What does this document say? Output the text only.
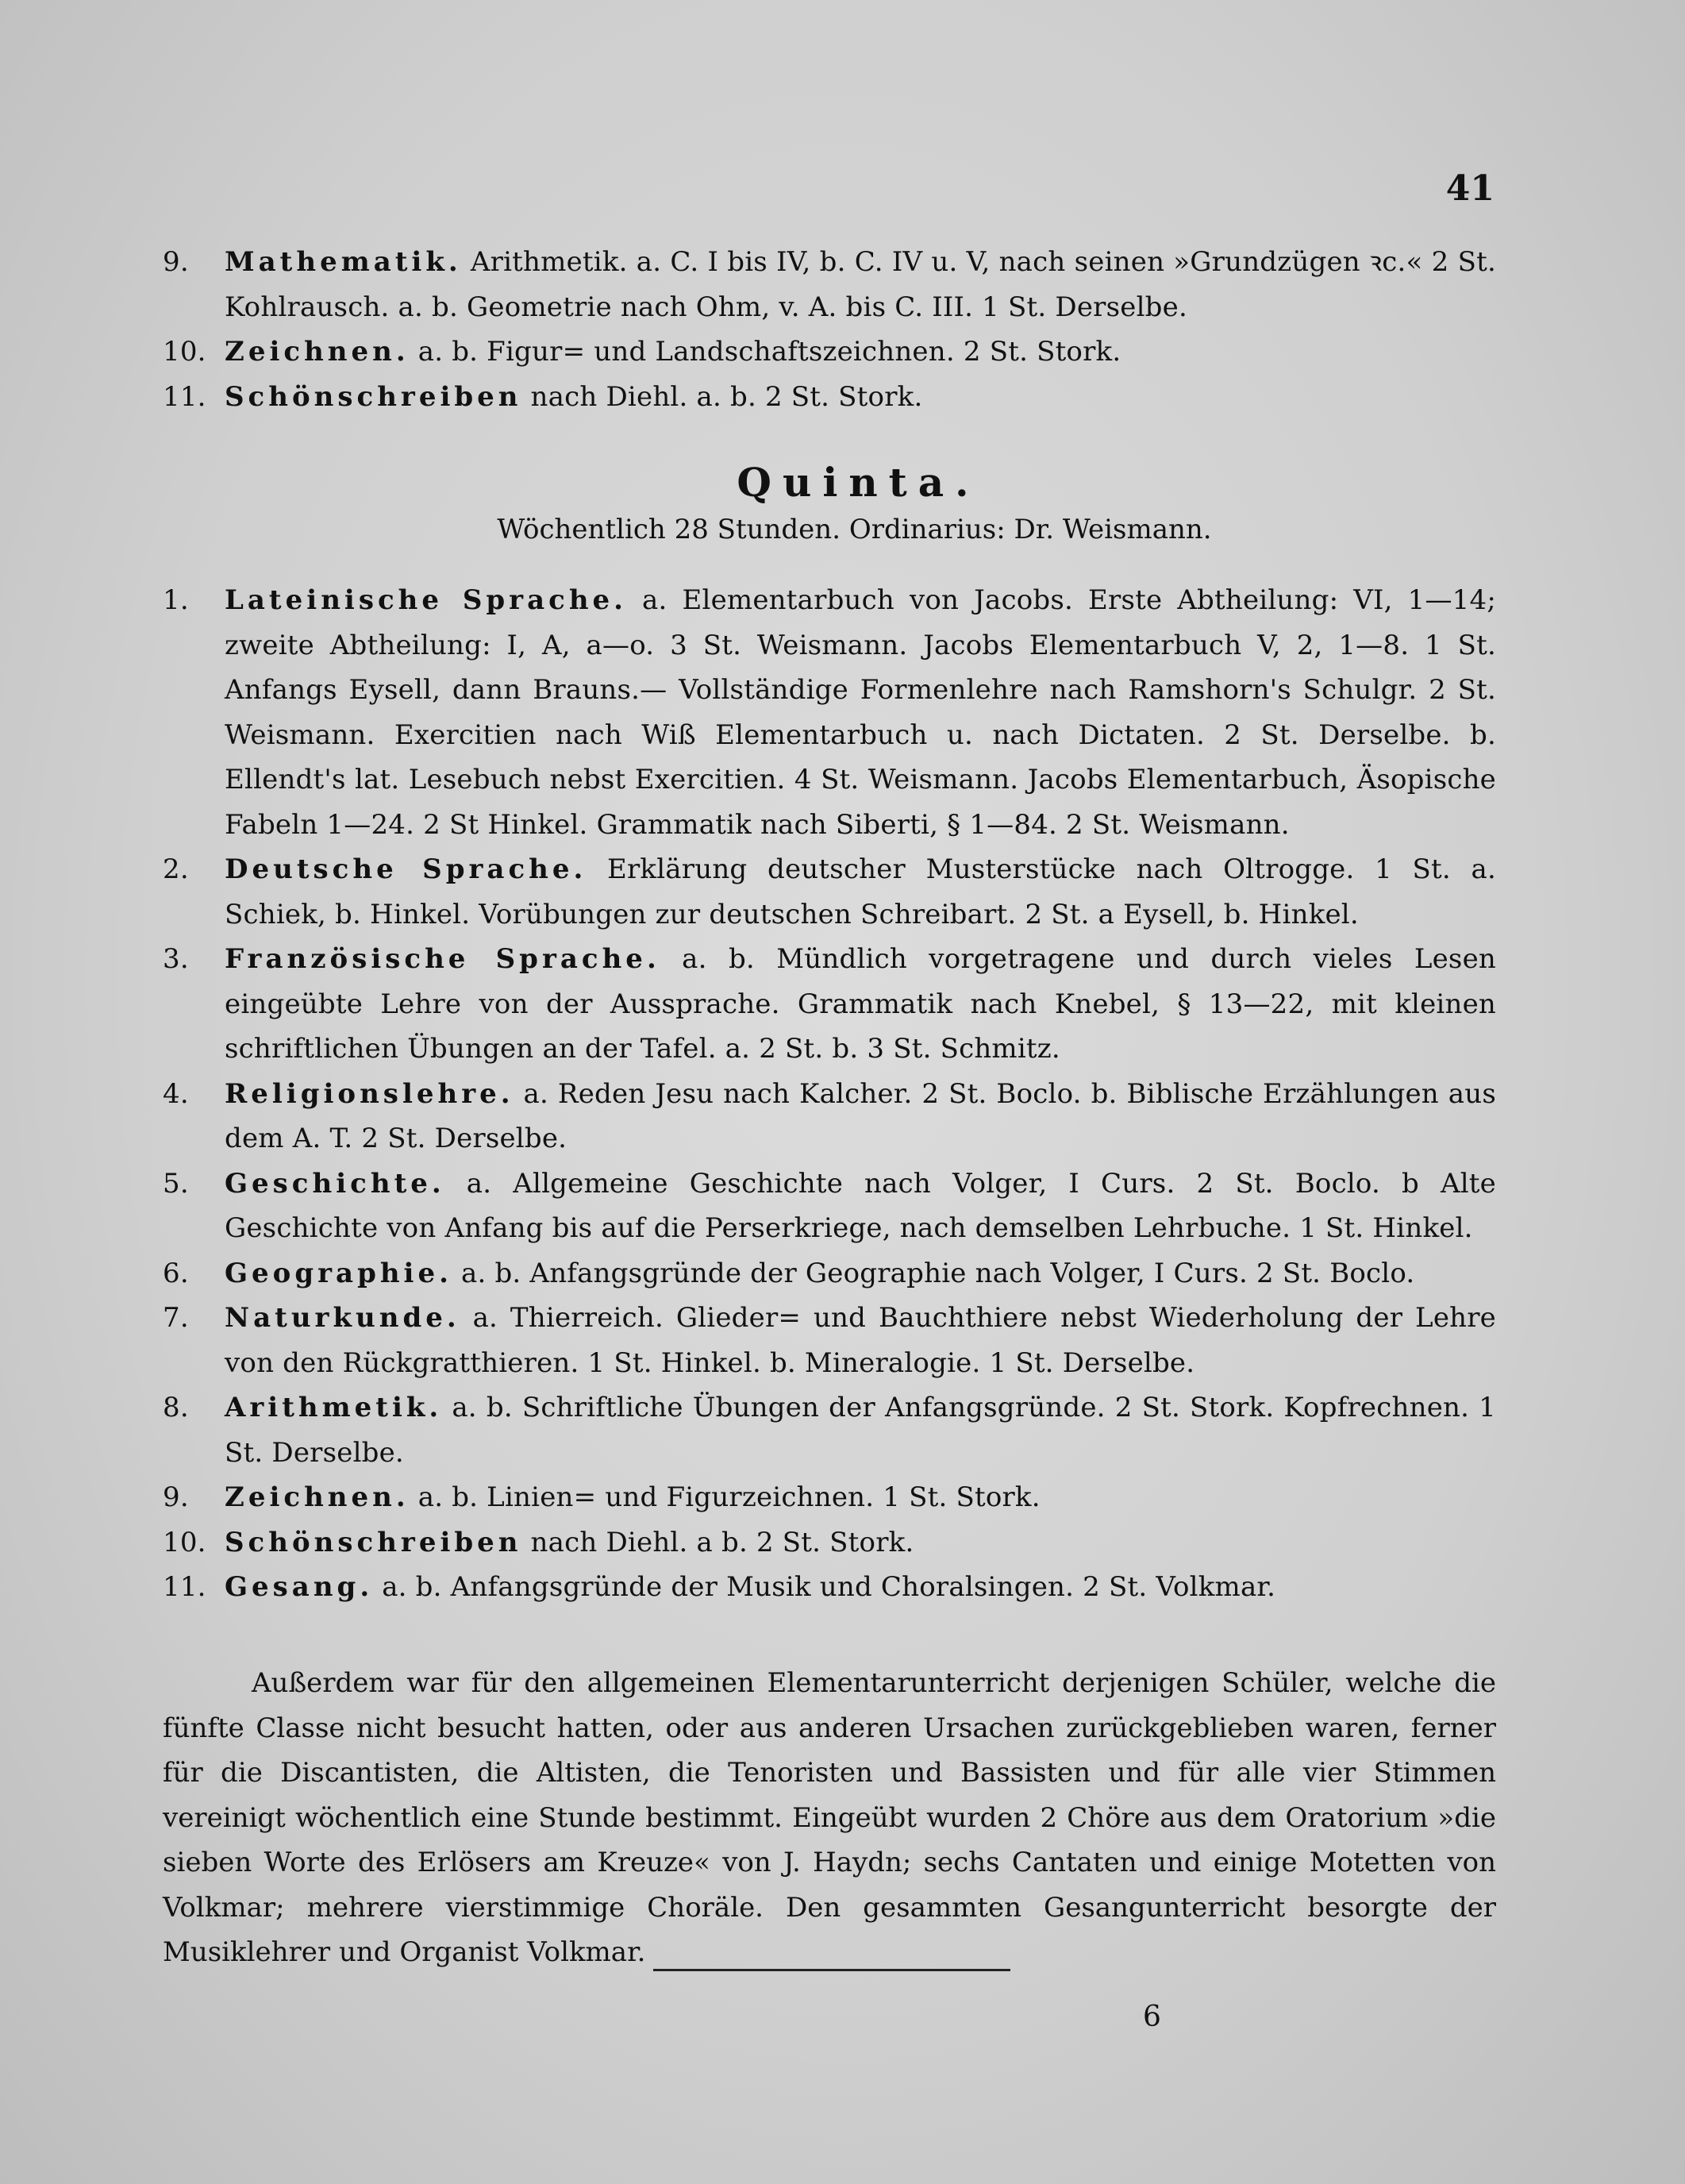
41
9.	Mathematik. Arithmetik. a. C. I bis IV, b. C. IV u. V, nach seinen »Grundzügen ꝛc.« 2 St. Kohlrausch. a. b. Geometrie nach Ohm, v. A. bis C. III. 1 St. Derselbe.
10. Zeichnen. a. b. Figur= und Landschaftszeichnen. 2 St. Stork.
11. Schönschreiben nach Diehl. a. b. 2 St. Stork.
Quinta.
Wöchentlich 28 Stunden. Ordinarius: Dr. Weismann.
1.	Lateinische Sprache. a. Elementarbuch von Jacobs. Erste Abtheilung: VI, 1—14; zweite Abtheilung: I, A, a—o. 3 St. Weismann. Jacobs Elementarbuch V, 2, 1—8. 1 St. Anfangs Eysell, dann Brauns.— Vollständige Formenlehre nach Ramshorn's Schulgr. 2 St. Weismann. Exercitien nach Wiß Elementarbuch u. nach Dictaten. 2 St. Derselbe. b. Ellendt's lat. Lesebuch nebst Exercitien. 4 St. Weismann. Jacobs Elementarbuch, Äsopische Fabeln 1—24. 2 St Hinkel. Grammatik nach Siberti, § 1—84. 2 St. Weismann.
2.	Deutsche Sprache. Erklärung deutscher Musterstücke nach Oltrogge. 1 St. a. Schiek, b. Hinkel. Vorübungen zur deutschen Schreibart. 2 St. a Eysell, b. Hinkel.
3.	Französische Sprache. a. b. Mündlich vorgetragene und durch vieles Lesen eingeübte Lehre von der Aussprache. Grammatik nach Knebel, § 13—22, mit kleinen schriftlichen Übungen an der Tafel. a. 2 St. b. 3 St. Schmitz.
4.	Religionslehre. a. Reden Jesu nach Kalcher. 2 St. Boclo. b. Biblische Erzählungen aus dem A. T. 2 St. Derselbe.
5.	Geschichte. a. Allgemeine Geschichte nach Volger, I Curs. 2 St. Boclo. b Alte Geschichte von Anfang bis auf die Perserkriege, nach demselben Lehrbuche. 1 St. Hinkel.
6.	Geographie. a. b. Anfangsgründe der Geographie nach Volger, I Curs. 2 St. Boclo.
7.	Naturkunde. a. Thierreich. Glieder= und Bauchthiere nebst Wiederholung der Lehre von den Rückgratthieren. 1 St. Hinkel. b. Mineralogie. 1 St. Derselbe.
8.	Arithmetik. a. b. Schriftliche Übungen der Anfangsgründe. 2 St. Stork. Kopfrechnen. 1 St. Derselbe.
9.	Zeichnen. a. b. Linien= und Figurzeichnen. 1 St. Stork.
10. Schönschreiben nach Diehl. a b. 2 St. Stork.
11. Gesang. a. b. Anfangsgründe der Musik und Choralsingen. 2 St. Volkmar.
Außerdem war für den allgemeinen Elementarunterricht derjenigen Schüler, welche die fünfte Classe nicht besucht hatten, oder aus anderen Ursachen zurückgeblieben waren, ferner für die Discantisten, die Altisten, die Tenoristen und Bassisten und für alle vier Stimmen vereinigt wöchentlich eine Stunde bestimmt. Eingeübt wurden 2 Chöre aus dem Oratorium »die sieben Worte des Erlösers am Kreuze« von J. Haydn; sechs Cantaten und einige Motetten von Volkmar; mehrere vierstimmige Choräle. Den gesammten Gesangunterricht besorgte der Musiklehrer und Organist Volkmar.
6
